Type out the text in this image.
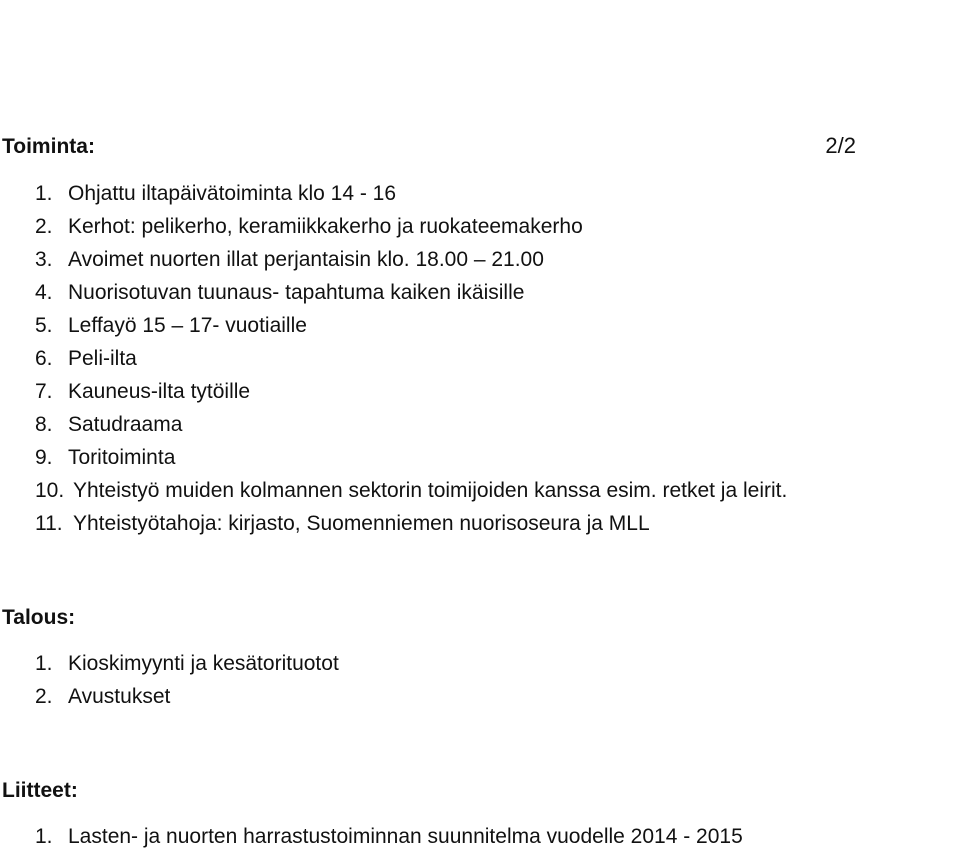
Toiminta:	2/2
1. Ohjattu iltapäivätoiminta klo 14 - 16
2. Kerhot: pelikerho, keramiikkakerho ja ruokateemakerho
3. Avoimet nuorten illat perjantaisin klo. 18.00 – 21.00
4. Nuorisotuvan tuunaus- tapahtuma kaiken ikäisille
5. Leffayö 15 – 17- vuotiaille
6. Peli-ilta
7. Kauneus-ilta tytöille
8. Satudraama
9. Toritoiminta
10. Yhteistyö muiden kolmannen sektorin toimijoiden kanssa esim. retket ja leirit.
11. Yhteistyötahoja: kirjasto, Suomenniemen nuorisoseura ja MLL
Talous:
1. Kioskimyynti ja kesätorituotot
2. Avustukset
Liitteet:
1. Lasten- ja nuorten harrastustoiminnan suunnitelma vuodelle 2014 - 2015
